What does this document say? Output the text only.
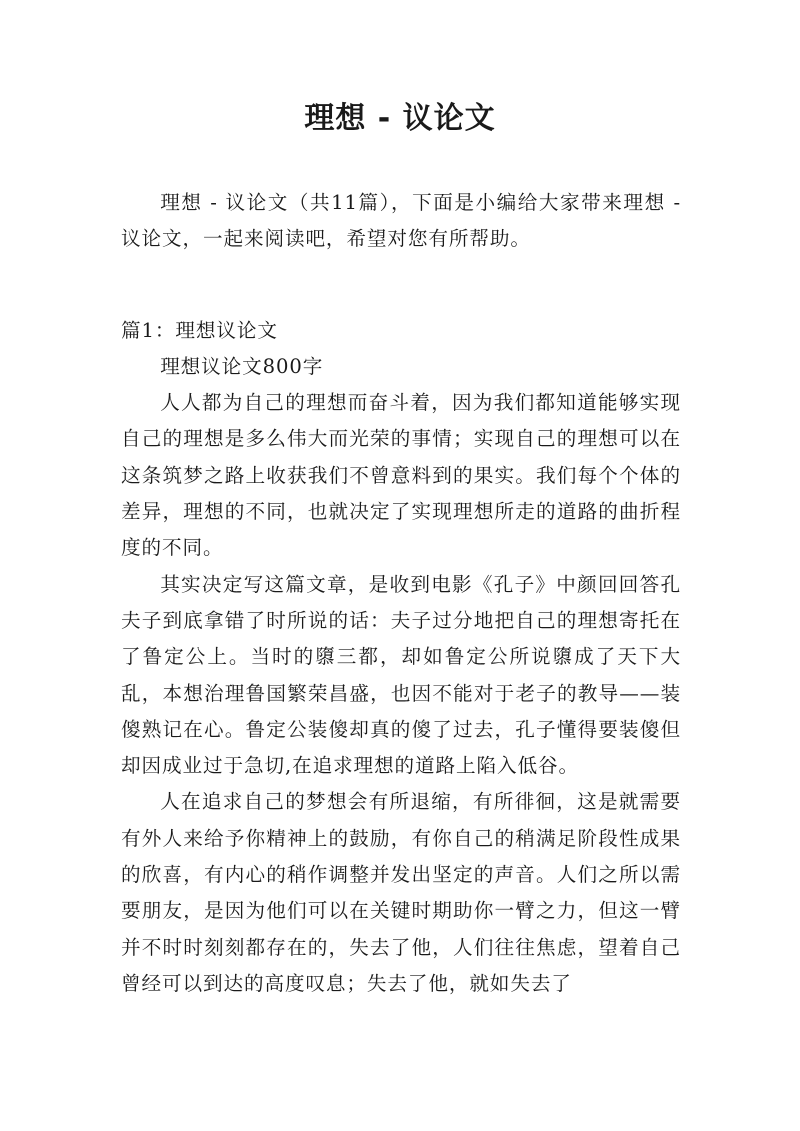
理想 - 议论文

理想 - 议论文（共11篇），下面是小编给大家带来理想 - 议论文，一起来阅读吧，希望对您有所帮助。

篇1：理想议论文

理想议论文800字

人人都为自己的理想而奋斗着，因为我们都知道能够实现自己的理想是多么伟大而光荣的事情；实现自己的理想可以在这条筑梦之路上收获我们不曾意料到的果实。我们每个个体的差异，理想的不同，也就决定了实现理想所走的道路的曲折程度的不同。

其实决定写这篇文章，是收到电影《孔子》中颜回回答孔夫子到底拿错了时所说的话：夫子过分地把自己的理想寄托在了鲁定公上。当时的隳三都，却如鲁定公所说隳成了天下大乱，本想治理鲁国繁荣昌盛，也因不能对于老子的教导——装傻熟记在心。鲁定公装傻却真的傻了过去，孔子懂得要装傻但却因成业过于急切,在追求理想的道路上陷入低谷。

人在追求自己的梦想会有所退缩，有所徘徊，这是就需要有外人来给予你精神上的鼓励，有你自己的稍满足阶段性成果的欣喜，有内心的稍作调整并发出坚定的声音。人们之所以需要朋友，是因为他们可以在关键时期助你一臂之力，但这一臂并不时时刻刻都存在的，失去了他，人们往往焦虑，望着自己曾经可以到达的高度叹息；失去了他，就如失去了
